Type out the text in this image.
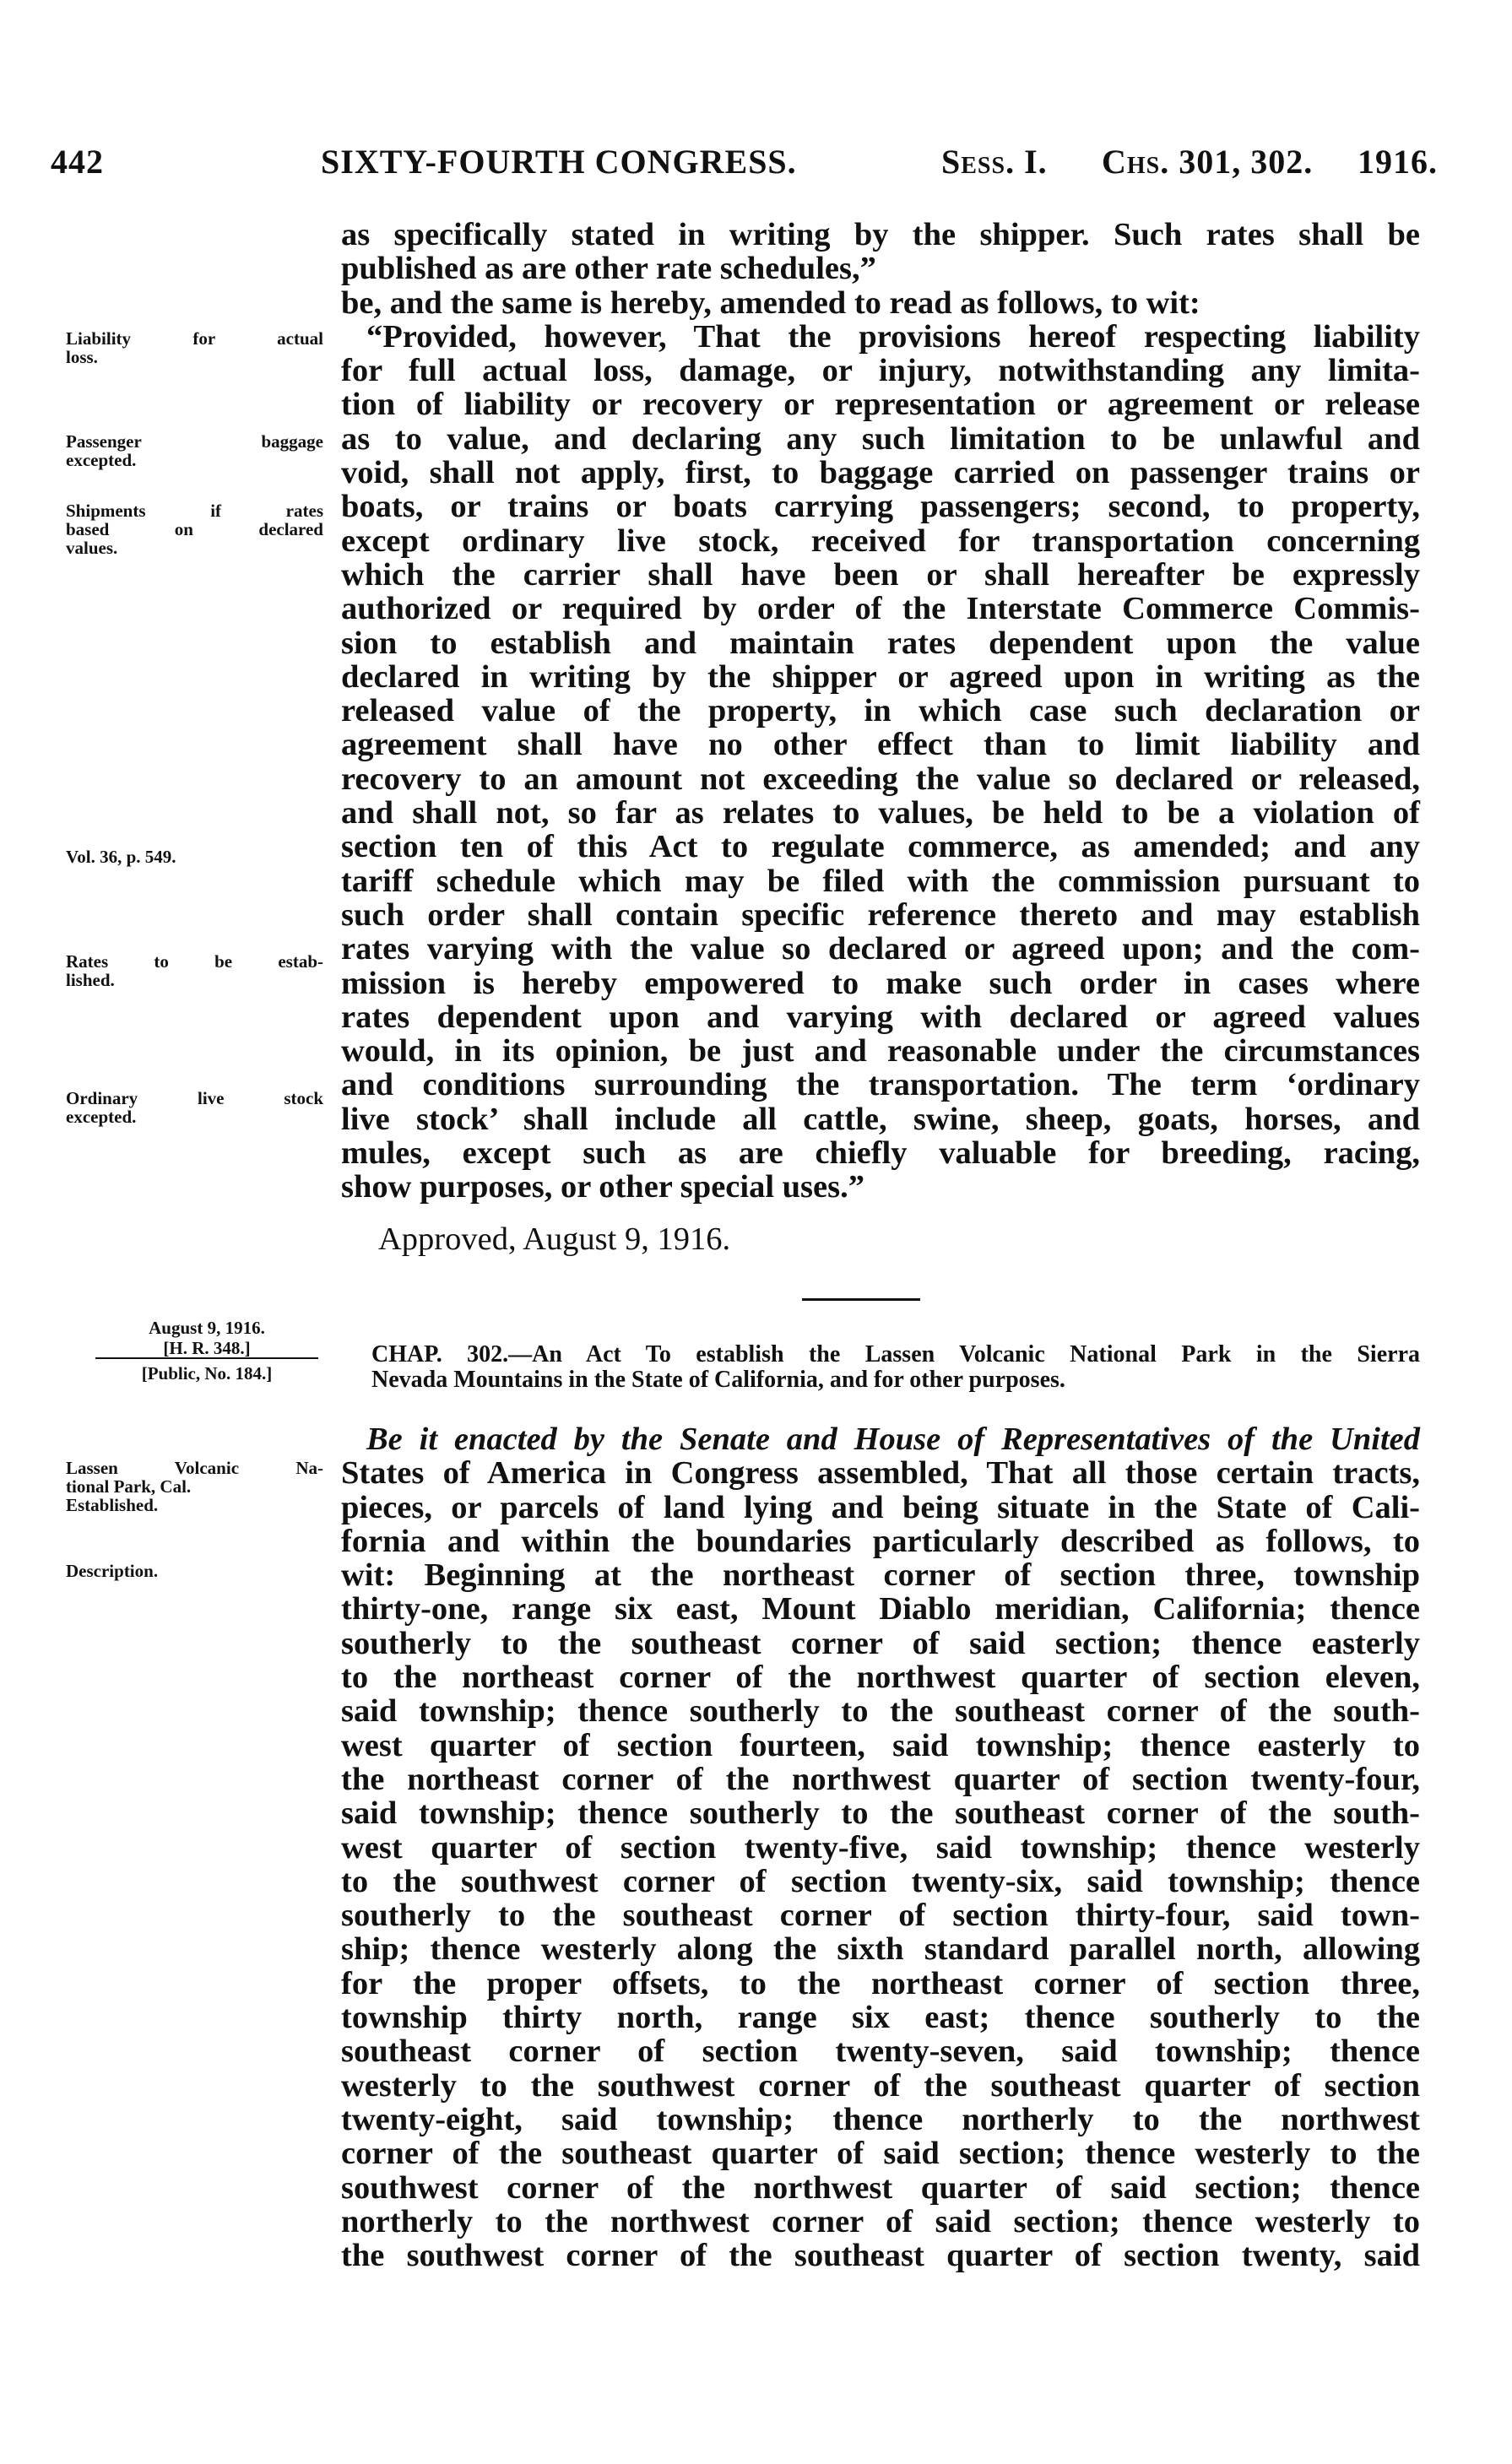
442	SIXTY-FOURTH CONGRESS.	Sess. I. Chs. 301, 302. 1916.
as specifically stated in writing by the shipper. Such rates shall be
published as are other rate schedules,”
be, and the same is hereby, amended to read as follows, to wit:
“Provided, however, That the provisions hereof respecting liability
for full actual loss, damage, or injury, notwithstanding any limita-
tion of liability or recovery or representation or agreement or release
as to value, and declaring any such limitation to be unlawful and
void, shall not apply, first, to baggage carried on passenger trains or
boats, or trains or boats carrying passengers; second, to property,
except ordinary live stock, received for transportation concerning
which the carrier shall have been or shall hereafter be expressly
authorized or required by order of the Interstate Commerce Commis-
sion to establish and maintain rates dependent upon the value
declared in writing by the shipper or agreed upon in writing as the
released value of the property, in which case such declaration or
agreement shall have no other effect than to limit liability and
recovery to an amount not exceeding the value so declared or released,
and shall not, so far as relates to values, be held to be a violation of
section ten of this Act to regulate commerce, as amended; and any
tariff schedule which may be filed with the commission pursuant to
such order shall contain specific reference thereto and may establish
rates varying with the value so declared or agreed upon; and the com-
mission is hereby empowered to make such order in cases where
rates dependent upon and varying with declared or agreed values
would, in its opinion, be just and reasonable under the circumstances
and conditions surrounding the transportation. The term ‘ordinary
live stock’ shall include all cattle, swine, sheep, goats, horses, and
mules, except such as are chiefly valuable for breeding, racing,
show purposes, or other special uses.”
Approved, August 9, 1916.
Liability for actual
loss.
Passenger baggage
excepted.
Shipments if rates
based on declared
values.
Vol. 36, p. 549.
Rates to be estab-
lished.
Ordinary live stock
excepted.
Lassen Volcanic Na-
tional Park, Cal.
Established.
Description.
August 9, 1916.
[H. R. 348.]
[Public, No. 184.]
CHAP. 302.—An Act To establish the Lassen Volcanic National Park in the Sierra
Nevada Mountains in the State of California, and for other purposes.
Be it enacted by the Senate and House of Representatives of the United
States of America in Congress assembled, That all those certain tracts,
pieces, or parcels of land lying and being situate in the State of Cali-
fornia and within the boundaries particularly described as follows, to
wit: Beginning at the northeast corner of section three, township
thirty-one, range six east, Mount Diablo meridian, California; thence
southerly to the southeast corner of said section; thence easterly
to the northeast corner of the northwest quarter of section eleven,
said township; thence southerly to the southeast corner of the south-
west quarter of section fourteen, said township; thence easterly to
the northeast corner of the northwest quarter of section twenty-four,
said township; thence southerly to the southeast corner of the south-
west quarter of section twenty-five, said township; thence westerly
to the southwest corner of section twenty-six, said township; thence
southerly to the southeast corner of section thirty-four, said town-
ship; thence westerly along the sixth standard parallel north, allowing
for the proper offsets, to the northeast corner of section three,
township thirty north, range six east; thence southerly to the
southeast corner of section twenty-seven, said township; thence
westerly to the southwest corner of the southeast quarter of section
twenty-eight, said township; thence northerly to the northwest
corner of the southeast quarter of said section; thence westerly to the
southwest corner of the northwest quarter of said section; thence
northerly to the northwest corner of said section; thence westerly to
the southwest corner of the southeast quarter of section twenty, said
